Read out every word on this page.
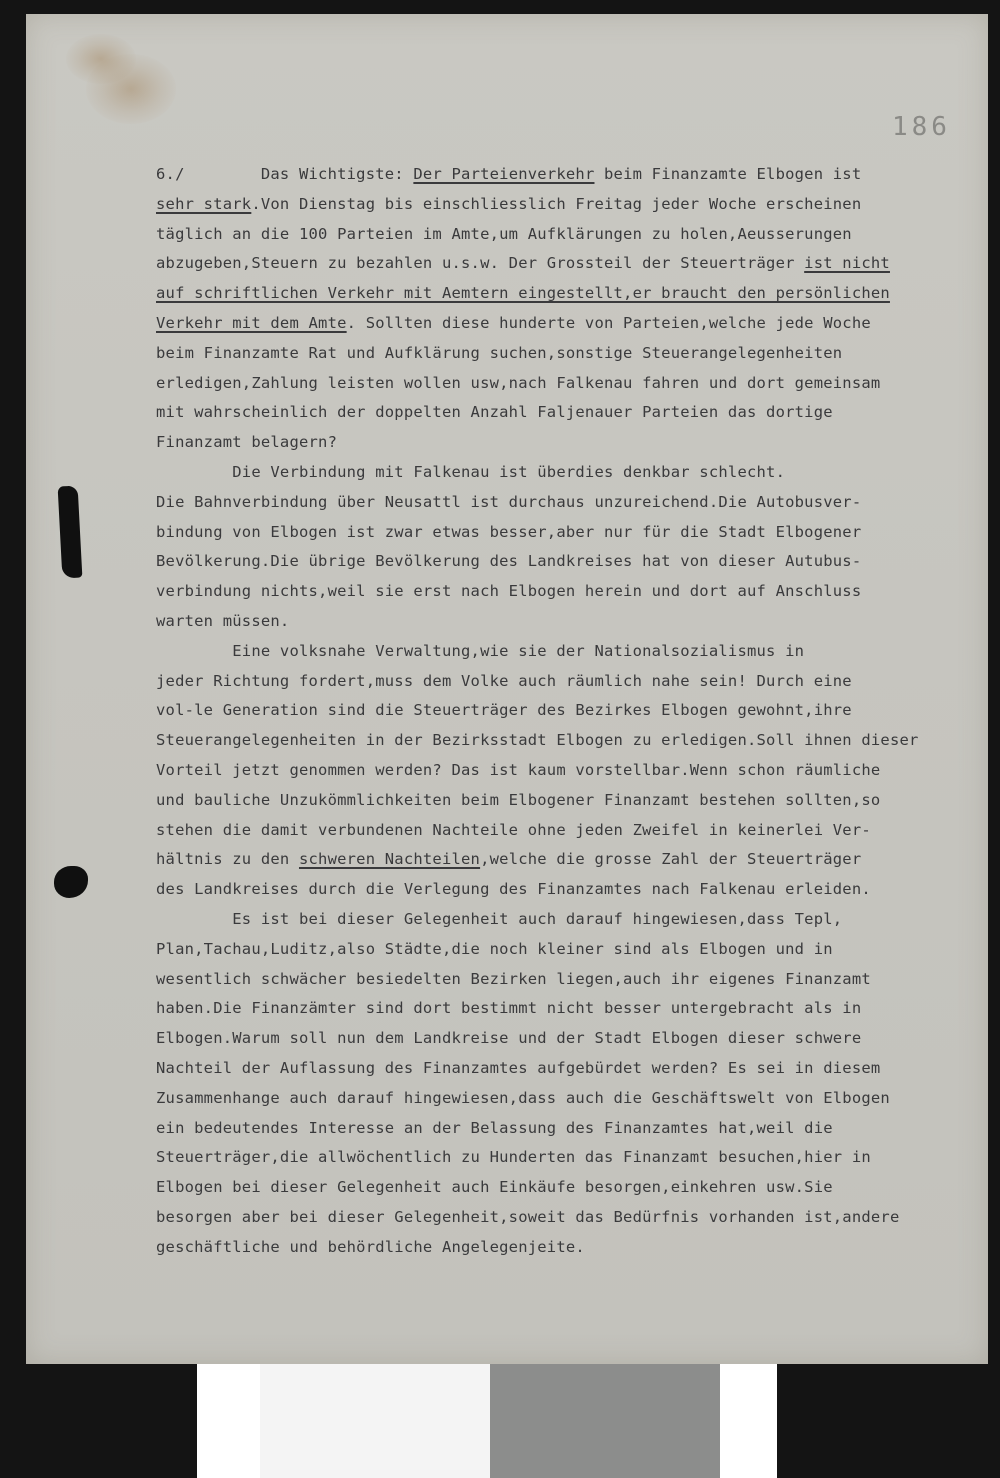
186
6./        Das Wichtigste: Der Parteienverkehr beim Finanzamte Elbogen ist
sehr stark.Von Dienstag bis einschliesslich Freitag jeder Woche erscheinen
täglich an die 100 Parteien im Amte,um Aufklärungen zu holen,Aeusserungen
abzugeben,Steuern zu bezahlen u.s.w. Der Grossteil der Steuerträger ist nicht
auf schriftlichen Verkehr mit Aemtern eingestellt,er braucht den persönlichen
Verkehr mit dem Amte. Sollten diese hunderte von Parteien,welche jede Woche
beim Finanzamte Rat und Aufklärung suchen,sonstige Steuerangelegenheiten
erledigen,Zahlung leisten wollen usw,nach Falkenau fahren und dort gemeinsam
mit wahrscheinlich der doppelten Anzahl Faljenauer Parteien das dortige
Finanzamt belagern?
Die Verbindung mit Falkenau ist überdies denkbar schlecht.
Die Bahnverbindung über Neusattl ist durchaus unzureichend.Die Autobusver-
bindung von Elbogen ist zwar etwas besser,aber nur für die Stadt Elbogener
Bevölkerung.Die übrige Bevölkerung des Landkreises hat von dieser Autubus-
verbindung nichts,weil sie erst nach Elbogen herein und dort auf Anschluss
warten müssen.
Eine volksnahe Verwaltung,wie sie der Nationalsozialismus in
jeder Richtung fordert,muss dem Volke auch räumlich nahe sein! Durch eine
vol-le Generation sind die Steuerträger des Bezirkes Elbogen gewohnt,ihre
Steuerangelegenheiten in der Bezirksstadt Elbogen zu erledigen.Soll ihnen dieser
Vorteil jetzt genommen werden? Das ist kaum vorstellbar.Wenn schon räumliche
und bauliche Unzukömmlichkeiten beim Elbogener Finanzamt bestehen sollten,so
stehen die damit verbundenen Nachteile ohne jeden Zweifel in keinerlei Ver-
hältnis zu den schweren Nachteilen,welche die grosse Zahl der Steuerträger
des Landkreises durch die Verlegung des Finanzamtes nach Falkenau erleiden.
Es ist bei dieser Gelegenheit auch darauf hingewiesen,dass Tepl,
Plan,Tachau,Luditz,also Städte,die noch kleiner sind als Elbogen und in
wesentlich schwächer besiedelten Bezirken liegen,auch ihr eigenes Finanzamt
haben.Die Finanzämter sind dort bestimmt nicht besser untergebracht als in
Elbogen.Warum soll nun dem Landkreise und der Stadt Elbogen dieser schwere
Nachteil der Auflassung des Finanzamtes aufgebürdet werden? Es sei in diesem
Zusammenhange auch darauf hingewiesen,dass auch die Geschäftswelt von Elbogen
ein bedeutendes Interesse an der Belassung des Finanzamtes hat,weil die
Steuerträger,die allwöchentlich zu Hunderten das Finanzamt besuchen,hier in
Elbogen bei dieser Gelegenheit auch Einkäufe besorgen,einkehren usw.Sie
besorgen aber bei dieser Gelegenheit,soweit das Bedürfnis vorhanden ist,andere
geschäftliche und behördliche Angelegenjeite.
